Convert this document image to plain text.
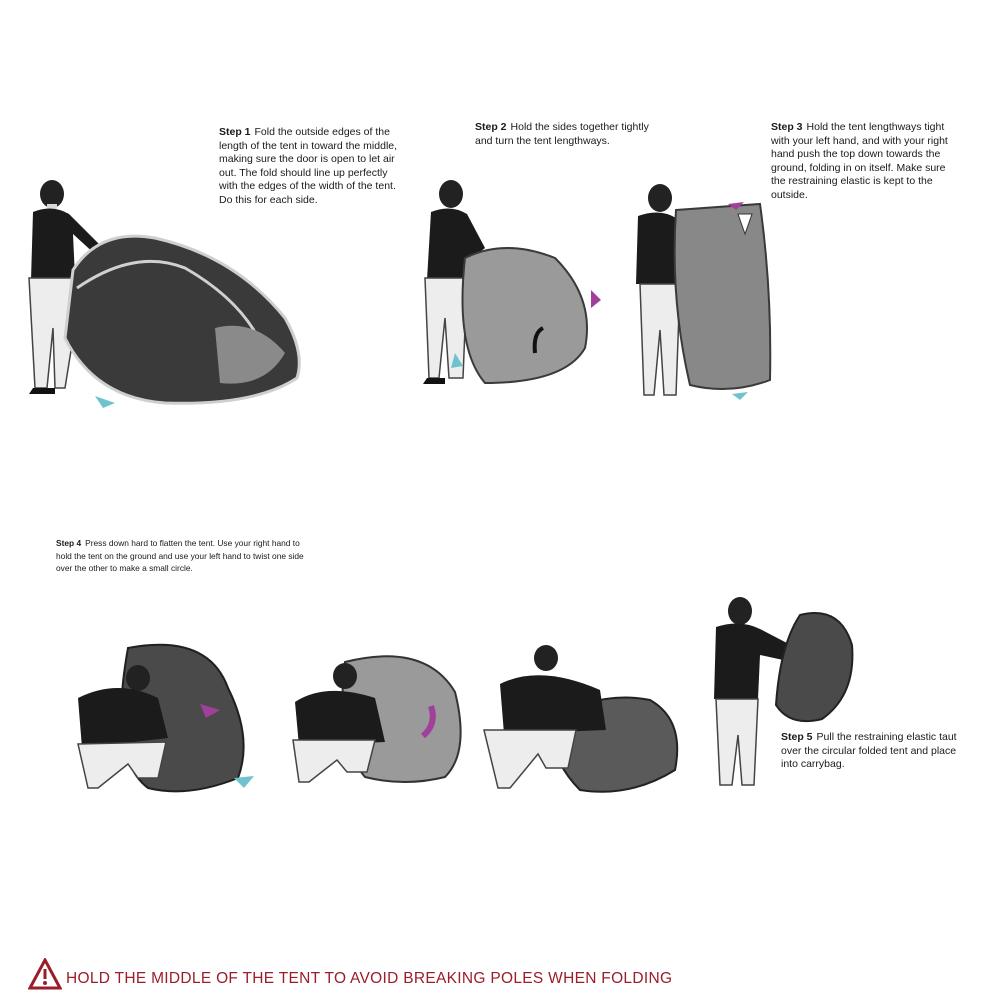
Step 1 Fold the outside edges of the length of the tent in toward the middle, making sure the door is open to let air out. The fold should line up perfectly with the edges of the width of the tent. Do this for each side.
Step 2 Hold the sides together tightly and turn the tent lengthways.
Step 3 Hold the tent lengthways tight with your left hand, and with your right hand push the top down towards the ground, folding in on itself. Make sure the restraining elastic is kept to the outside.
Step 4 Press down hard to flatten the tent. Use your right hand to hold the tent on the ground and use your left hand to twist one side over the other to make a small circle.
Step 5 Pull the restraining elastic taut over the circular folded tent and place into carrybag.
HOLD THE MIDDLE OF THE TENT TO AVOID BREAKING POLES WHEN FOLDING
